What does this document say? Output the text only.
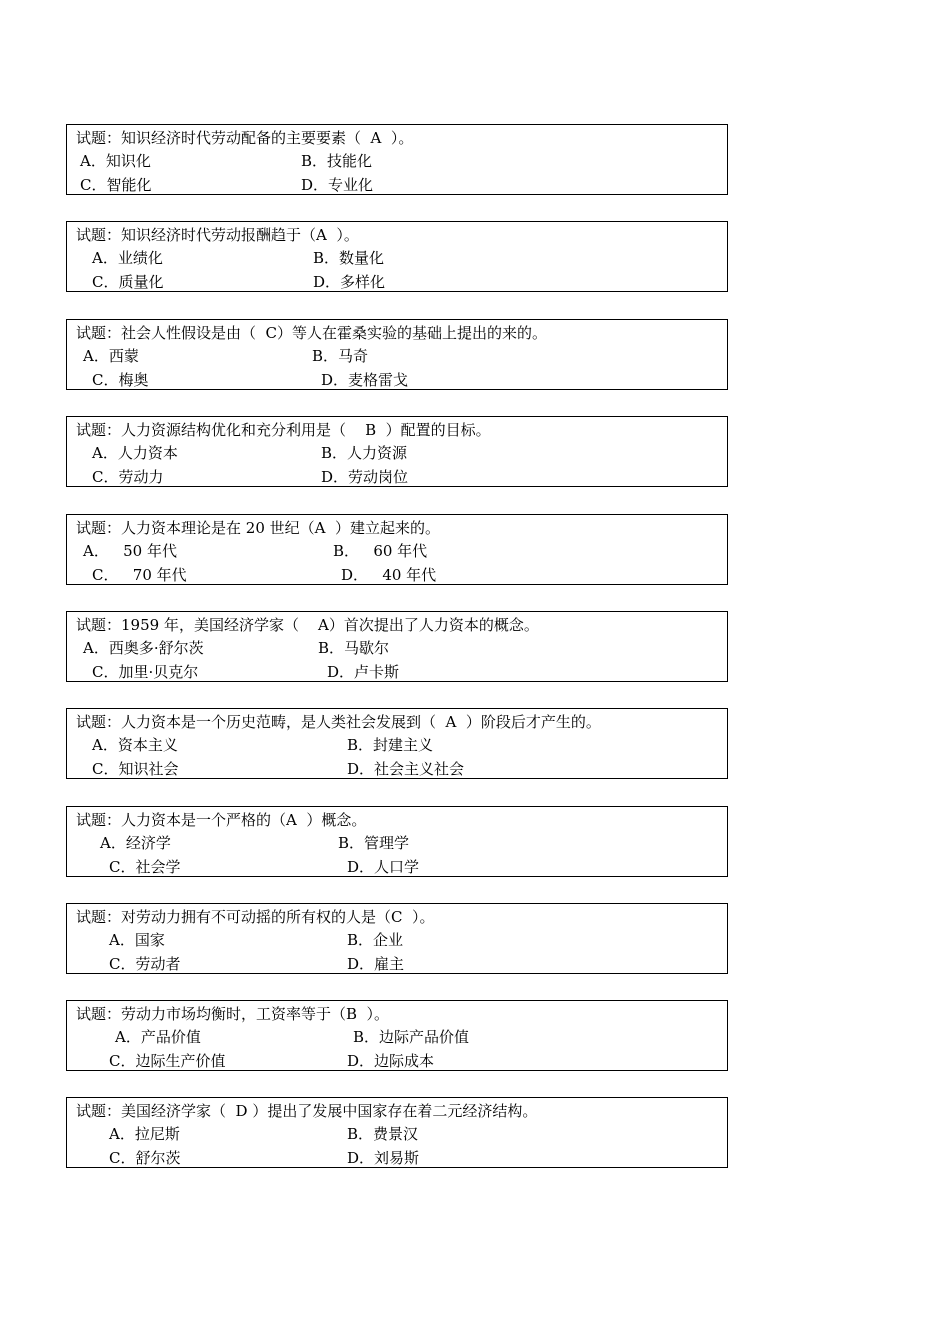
试题：知识经济时代劳动配备的主要要素（  A  ）。
A．知识化	B．技能化
C．智能化	D．专业化
试题：知识经济时代劳动报酬趋于（A  ）。
A．业绩化	B．数量化
C．质量化	D．多样化
试题：社会人性假设是由（  C）等人在霍桑实验的基础上提出的来的。
A．西蒙	B．马奇
C．梅奥	D．麦格雷戈
试题：人力资源结构优化和充分利用是（    B  ）配置的目标。
A．人力资本	B．人力资源
C．劳动力	D．劳动岗位
试题：人力资本理论是在 20 世纪（A  ）建立起来的。
A．   50 年代	B．   60 年代
C．   70 年代	D．   40 年代
试题：1959 年，美国经济学家（    A）首次提出了人力资本的概念。
A．西奥多·舒尔茨	B．马歇尔
C．加里·贝克尔	D．卢卡斯
试题：人力资本是一个历史范畴，是人类社会发展到（  A  ）阶段后才产生的。
A．资本主义	B．封建主义
C．知识社会	D．社会主义社会
试题：人力资本是一个严格的（A  ）概念。
A．经济学	B．管理学
C．社会学	D．人口学
试题：对劳动力拥有不可动摇的所有权的人是（C  ）。
A．国家	B．企业
C．劳动者	D．雇主
试题：劳动力市场均衡时，工资率等于（B  ）。
A．产品价值	B．边际产品价值
C．边际生产价值	D．边际成本
试题：美国经济学家（  D ）提出了发展中国家存在着二元经济结构。
A．拉尼斯	B．费景汉
C．舒尔茨	D．刘易斯
